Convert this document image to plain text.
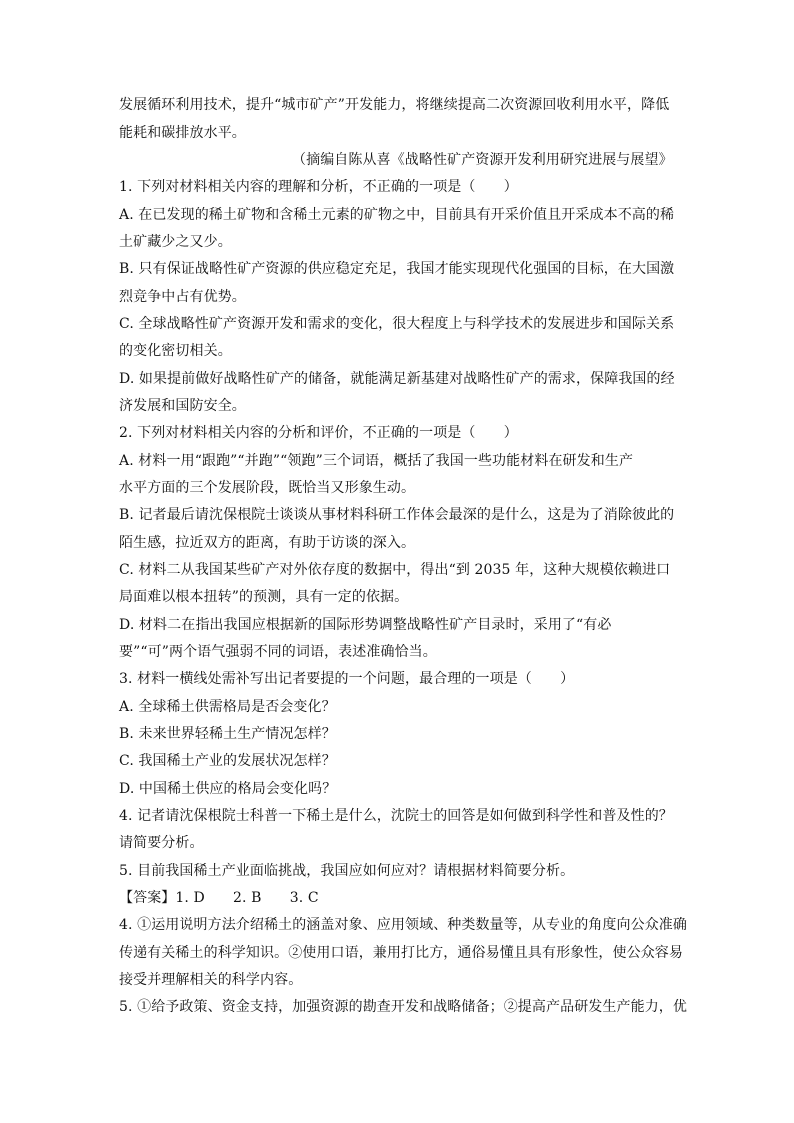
发展循环利用技术，提升“城市矿产”开发能力，将继续提高二次资源回收利用水平，降低
能耗和碳排放水平。
（摘编自陈从喜《战略性矿产资源开发利用研究进展与展望》
1. 下列对材料相关内容的理解和分析，不正确的一项是（　　）
A. 在已发现的稀土矿物和含稀土元素的矿物之中，目前具有开采价值且开采成本不高的稀
土矿藏少之又少。
B. 只有保证战略性矿产资源的供应稳定充足，我国才能实现现代化强国的目标，在大国激
烈竞争中占有优势。
C. 全球战略性矿产资源开发和需求的变化，很大程度上与科学技术的发展进步和国际关系
的变化密切相关。
D. 如果提前做好战略性矿产的储备，就能满足新基建对战略性矿产的需求，保障我国的经
济发展和国防安全。
2. 下列对材料相关内容的分析和评价，不正确的一项是（　　）
A. 材料一用“跟跑”“并跑”“领跑”三个词语，概括了我国一些功能材料在研发和生产
水平方面的三个发展阶段，既恰当又形象生动。
B. 记者最后请沈保根院士谈谈从事材料科研工作体会最深的是什么，这是为了消除彼此的
陌生感，拉近双方的距离，有助于访谈的深入。
C. 材料二从我国某些矿产对外依存度的数据中，得出“到 2035 年，这种大规模依赖进口
局面难以根本扭转”的预测，具有一定的依据。
D. 材料二在指出我国应根据新的国际形势调整战略性矿产目录时，采用了“有必
要”“可”两个语气强弱不同的词语，表述准确恰当。
3. 材料一横线处需补写出记者要提的一个问题，最合理的一项是（　　）
A. 全球稀土供需格局是否会变化？
B. 未来世界轻稀土生产情况怎样？
C. 我国稀土产业的发展状况怎样？
D. 中国稀土供应的格局会变化吗？
4. 记者请沈保根院士科普一下稀土是什么，沈院士的回答是如何做到科学性和普及性的？
请简要分析。
5. 目前我国稀土产业面临挑战，我国应如何应对？请根据材料简要分析。
【答案】1. D　　2. B　　3. C
4. ①运用说明方法介绍稀土的涵盖对象、应用领域、种类数量等，从专业的角度向公众准确
传递有关稀土的科学知识。②使用口语，兼用打比方，通俗易懂且具有形象性，使公众容易
接受并理解相关的科学内容。
5. ①给予政策、资金支持，加强资源的勘查开发和战略储备；②提高产品研发生产能力，优
